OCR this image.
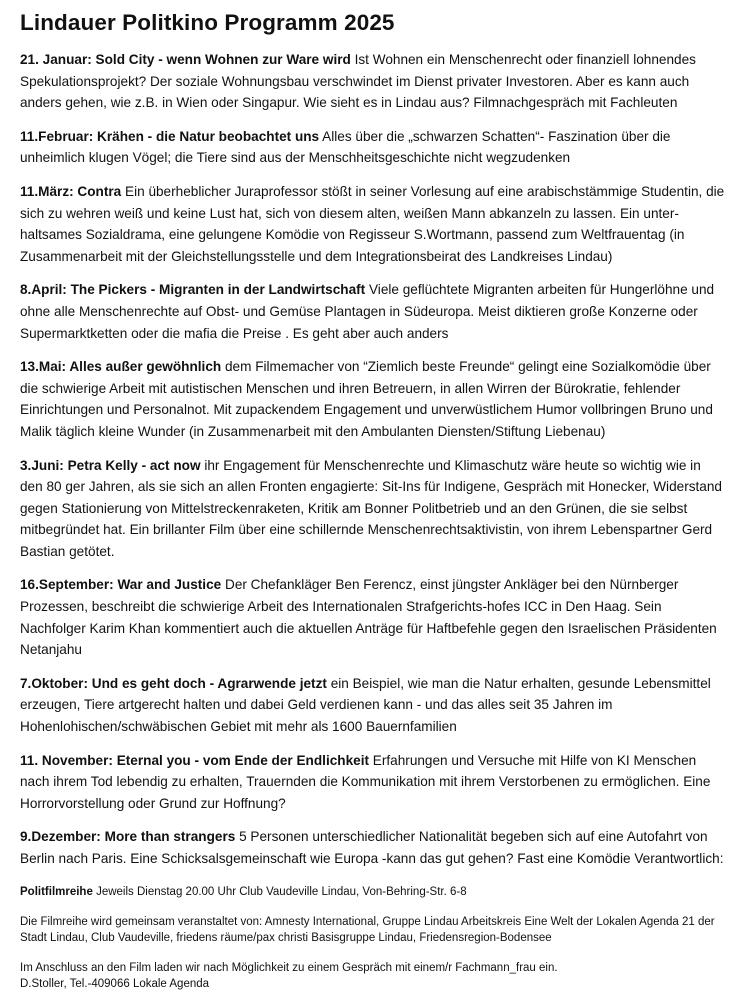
Lindauer Politkino Programm 2025

21. Januar: Sold City - wenn Wohnen zur Ware wird Ist Wohnen ein Menschenrecht oder finanziell lohnendes Spekulationsprojekt? Der soziale Wohnungsbau verschwindet im Dienst privater Investoren. Aber es kann auch anders gehen, wie z.B. in Wien oder Singapur. Wie sieht es in Lindau aus? Filmnachgespräch mit Fachleuten

11.Februar: Krähen - die Natur beobachtet uns Alles über die „schwarzen Schatten“- Faszination über die unheimlich klugen Vögel; die Tiere sind aus der Menschheitsgeschichte nicht wegzudenken

11.März: Contra Ein überheblicher Juraprofessor stößt in seiner Vorlesung auf eine arabischstämmige Studentin, die sich zu wehren weiß und keine Lust hat, sich von diesem alten, weißen Mann abkanzeln zu lassen. Ein unter-haltsames Sozialdrama, eine gelungene Komödie von Regisseur S.Wortmann, passend zum Weltfrauentag (in Zusammenarbeit mit der Gleichstellungsstelle und dem Integrationsbeirat des Landkreises Lindau)

8.April: The Pickers - Migranten in der Landwirtschaft Viele geflüchtete Migranten arbeiten für Hungerlöhne und ohne alle Menschenrechte auf Obst- und Gemüse Plantagen in Südeuropa. Meist diktieren große Konzerne oder Supermarktketten oder die mafia die Preise . Es geht aber auch anders

13.Mai: Alles außer gewöhnlich dem Filmemacher von “Ziemlich beste Freunde“ gelingt eine Sozialkomödie über die schwierige Arbeit mit autistischen Menschen und ihren Betreuern, in allen Wirren der Bürokratie, fehlender Einrichtungen und Personalnot. Mit zupackendem Engagement und unverwüstlichem Humor vollbringen Bruno und Malik täglich kleine Wunder (in Zusammenarbeit mit den Ambulanten Diensten/Stiftung Liebenau)

3.Juni: Petra Kelly - act now ihr Engagement für Menschenrechte und Klimaschutz wäre heute so wichtig wie in den 80 ger Jahren, als sie sich an allen Fronten engagierte: Sit-Ins für Indigene, Gespräch mit Honecker, Widerstand gegen Stationierung von Mittelstreckenraketen, Kritik am Bonner Politbetrieb und an den Grünen, die sie selbst mitbegründet hat. Ein brillanter Film über eine schillernde Menschenrechtsaktivistin, von ihrem Lebenspartner Gerd Bastian getötet.

16.September: War and Justice Der Chefankläger Ben Ferencz, einst jüngster Ankläger bei den Nürnberger Prozessen, beschreibt die schwierige Arbeit des Internationalen Strafgerichts-hofes ICC in Den Haag. Sein Nachfolger Karim Khan kommentiert auch die aktuellen Anträge für Haftbefehle gegen den Israelischen Präsidenten Netanjahu

7.Oktober: Und es geht doch - Agrarwende jetzt ein Beispiel, wie man die Natur erhalten, gesunde Lebensmittel erzeugen, Tiere artgerecht halten und dabei Geld verdienen kann - und das alles seit 35 Jahren im Hohenlohischen/schwäbischen Gebiet mit mehr als 1600 Bauernfamilien

11. November: Eternal you - vom Ende der Endlichkeit Erfahrungen und Versuche mit Hilfe von KI Menschen nach ihrem Tod lebendig zu erhalten, Trauernden die Kommunikation mit ihrem Verstorbenen zu ermöglichen. Eine Horrorvorstellung oder Grund zur Hoffnung?

9.Dezember: More than strangers 5 Personen unterschiedlicher Nationalität begeben sich auf eine Autofahrt von Berlin nach Paris. Eine Schicksalsgemeinschaft wie Europa -kann das gut gehen? Fast eine Komödie Verantwortlich:

Politfilmreihe Jeweils Dienstag 20.00 Uhr Club Vaudeville Lindau, Von-Behring-Str. 6-8

Die Filmreihe wird gemeinsam veranstaltet von: Amnesty International, Gruppe Lindau Arbeitskreis Eine Welt der Lokalen Agenda 21 der Stadt Lindau, Club Vaudeville, friedens räume/pax christi Basisgruppe Lindau, Friedensregion-Bodensee

Im Anschluss an den Film laden wir nach Möglichkeit zu einem Gespräch mit einem/r Fachmann_frau ein.
D.Stoller, Tel.-409066 Lokale Agenda
